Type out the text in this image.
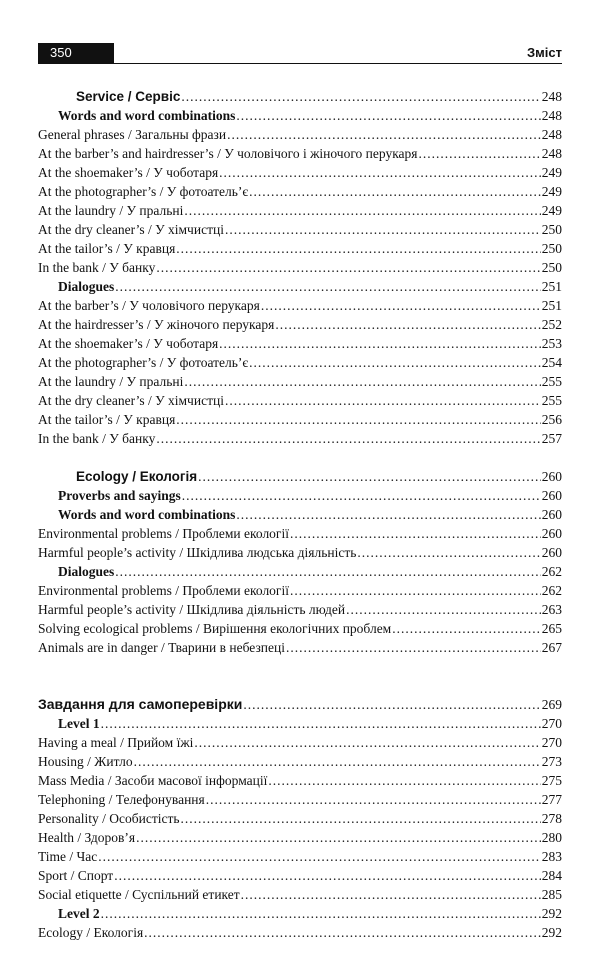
350	Зміст
Service / Сервіс .....	248
Words and word combinations .....	248
General phrases / Загальны фрази .....	248
At the barber’s and hairdresser’s / У чоловічого і жіночого перукаря .....	248
At the shoemaker’s / У чоботаря .....	249
At the photographer’s / У фотоатель’є .....	249
At the laundry / У пральні .....	249
At the dry cleaner’s / У хімчистці .....	250
At the tailor’s / У кравця .....	250
In the bank / У банку .....	250
Dialogues .....	251
At the barber’s / У чоловічого перукаря .....	251
At the hairdresser’s / У жіночого перукаря .....	252
At the shoemaker’s / У чоботаря .....	253
At the photographer’s / У фотоатель’є .....	254
At the laundry / У пральні .....	255
At the dry cleaner’s / У хімчистці .....	255
At the tailor’s / У кравця .....	256
In the bank / У банку .....	257
Ecology / Екологія .....	260
Proverbs and sayings .....	260
Words and word combinations .....	260
Environmental problems / Проблеми екології .....	260
Harmful people’s activity / Шкідлива людська діяльність .....	260
Dialogues .....	262
Environmental problems / Проблеми екології .....	262
Harmful people’s activity / Шкідлива діяльність людей .....	263
Solving ecological problems / Вирішення екологічних проблем .....	265
Animals are in danger / Тварини в небезпеці .....	267
Завдання для самоперевірки .....	269
Level 1 .....	270
Having a meal / Прийом їжі .....	270
Housing / Житло .....	273
Mass Media / Засоби масової інформації .....	275
Telephoning / Телефонування .....	277
Personality / Особистість .....	278
Health / Здоров’я .....	280
Time / Час .....	283
Sport / Спорт .....	284
Social etiquette / Суспільний етикет .....	285
Level 2 .....	292
Ecology / Екологія .....	292
